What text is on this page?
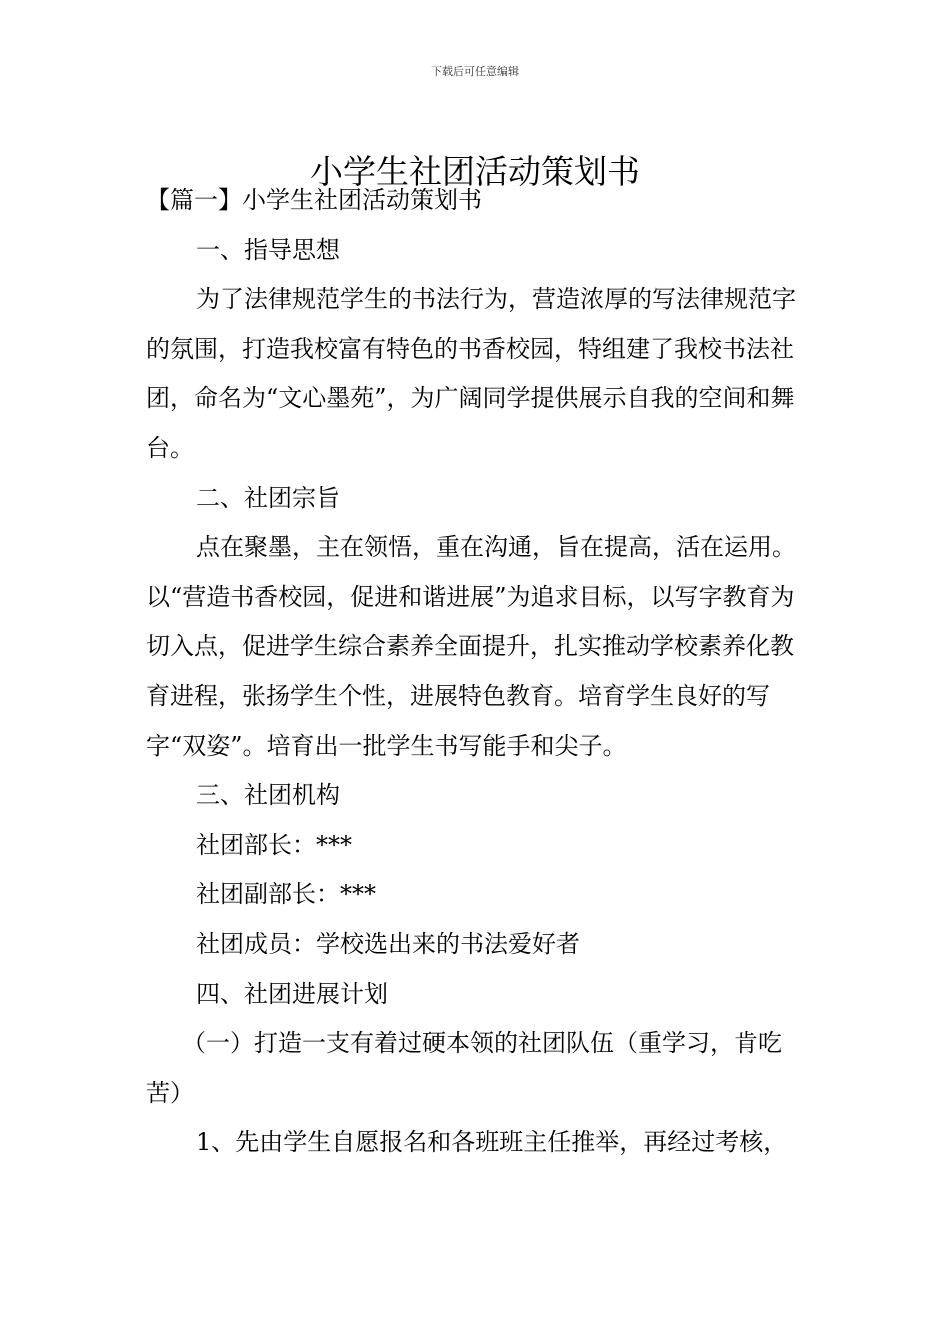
下载后可任意编辑
小学生社团活动策划书

【篇一】小学生社团活动策划书

一、指导思想

为了法律规范学生的书法行为，营造浓厚的写法律规范字的氛围，打造我校富有特色的书香校园，特组建了我校书法社团，命名为“文心墨苑”，为广阔同学提供展示自我的空间和舞台。

二、社团宗旨

点在聚墨，主在领悟，重在沟通，旨在提高，活在运用。以“营造书香校园，促进和谐进展”为追求目标，以写字教育为切入点，促进学生综合素养全面提升，扎实推动学校素养化教育进程，张扬学生个性，进展特色教育。培育学生良好的写字“双姿”。培育出一批学生书写能手和尖子。

三、社团机构

社团部长：***

社团副部长：***

社团成员：学校选出来的书法爱好者

四、社团进展计划

（一）打造一支有着过硬本领的社团队伍（重学习，肯吃苦）

1、先由学生自愿报名和各班班主任推举，再经过考核，
